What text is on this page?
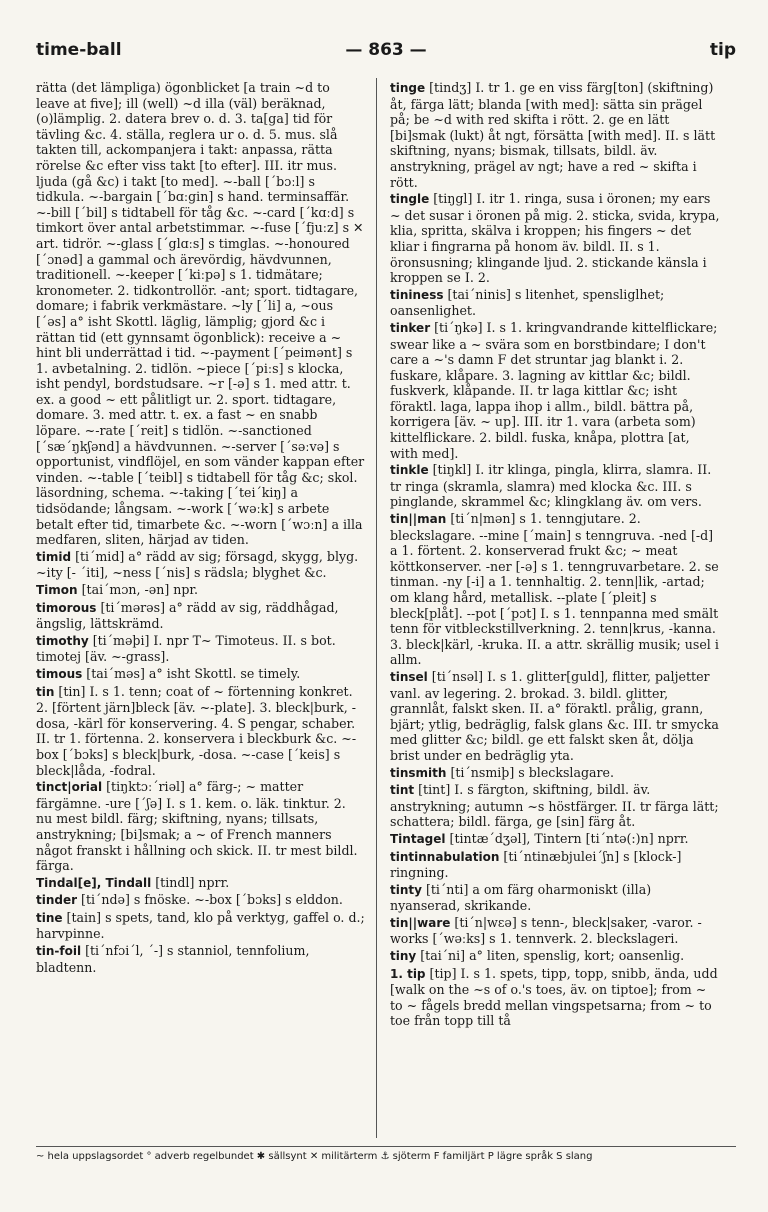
time-ball	— 863 —	tip

rätta (det lämpliga) ögonblicket [a train ~d to leave at five]; ill (well) ~d illa (väl) beräknad, (o)lämplig. 2. datera brev o. d. 3. ta[ga] tid för tävling &c. 4. ställa, reglera ur o. d. 5. mus. slå takten till, ackompanjera i takt: anpassa, rätta rörelse &c efter viss takt [to efter]. III. itr mus. ljuda (gå &c) i takt [to med]. ~-ball [ˊbɔːl] s tidkula. ~-bargain [ˊbɑːgin] s hand. terminsaffär. ~-bill [ˊbil] s tidtabell för tåg &c. ~-card [ˊkɑːd] s timkort över antal arbetstimmar. ~-fuse [ˊfjuːz] s ✕ art. tidrör. ~-glass [ˊglɑːs] s timglas. ~-honoured [ˊɔnəd] a gammal och ärevördig, hävdvunnen, traditionell. ~-keeper [ˊkiːpə] s 1. tidmätare; kronometer. 2. tidkontrollör. -ant; sport. tidtagare, domare; i fabrik verkmästare. ~ly [ˊli] a, ~ous [ˊəs] a° isht Skottl. läglig, lämplig; gjord &c i rättan tid (ett gynnsamt ögonblick): receive a ~ hint bli underrättad i tid. ~-payment [ˊpeimənt] s 1. avbetalning. 2. tidlön. ~piece [ˊpiːs] s klocka, isht pendyl, bordstudsare. ~r [-ə] s 1. med attr. t. ex. a good ~ ett pålitligt ur. 2. sport. tidtagare, domare. 3. med attr. t. ex. a fast ~ en snabb löpare. ~-rate [ˊreit] s tidlön. ~-sanctioned [ˊsæˊŋkʃənd] a hävdvunnen. ~-server [ˊsəːvə] s opportunist, vindflöjel, en som vänder kappan efter vinden. ~-table [ˊteibl] s tidtabell för tåg &c; skol. läsordning, schema. ~-taking [ˊteiˊkiŋ] a tidsödande; långsam. ~-work [ˊwəːk] s arbete betalt efter tid, timarbete &c. ~-worn [ˊwɔːn] a illa medfaren, sliten, härjad av tiden.

timid [tiˊmid] a° rädd av sig; försagd, skygg, blyg. ~ity [- ˊiti], ~ness [ˊnis] s rädsla; blyghet &c.

Timon [taiˊmɔn, -ən] npr.

timorous [tiˊmərəs] a° rädd av sig, räddhågad, ängslig, lättskrämd.

timothy [tiˊməþi] I. npr T~ Timoteus. II. s bot. timotej [äv. ~-grass].

timous [taiˊməs] a° isht Skottl. se timely.

tin [tin] I. s 1. tenn; coat of ~ förtenning konkret. 2. [förtent järn]bleck [äv. ~-plate]. 3. bleck|burk, -dosa, -kärl för konservering. 4. S pengar, schaber. II. tr 1. förtenna. 2. konservera i bleckburk &c. ~-box [ˊbɔks] s bleck|burk, -dosa. ~-case [ˊkeis] s bleck|låda, -fodral.

tinct|orial [tiŋktɔːˊriəl] a° färg-; ~ matter färgämne. -ure [ˊʃə] I. s 1. kem. o. läk. tinktur. 2. nu mest bildl. färg; skiftning, nyans; tillsats, anstrykning; [bi]smak; a ~ of French manners något franskt i hållning och skick. II. tr mest bildl. färga.

Tindal[e], Tindall [tindl] nprr.

tinder [tiˊndə] s fnöske. ~-box [ˊbɔks] s elddon.

tine [tain] s spets, tand, klo på verktyg, gaffel o. d.; harvpinne.

tin-foil [tiˊnfɔiˊl, ˊ-] s stanniol, tennfolium, bladtenn.

tinge [tindʒ] I. tr 1. ge en viss färg[ton] (skiftning) åt, färga lätt; blanda [with med]: sätta sin prägel på; be ~d with red skifta i rött. 2. ge en lätt [bi]smak (lukt) åt ngt, försätta [with med]. II. s lätt skiftning, nyans; bismak, tillsats, bildl. äv. anstrykning, prägel av ngt; have a red ~ skifta i rött.

tingle [tiŋgl] I. itr 1. ringa, susa i öronen; my ears ~ det susar i öronen på mig. 2. sticka, svida, krypa, klia, spritta, skälva i kroppen; his fingers ~ det kliar i fingrarna på honom äv. bildl. II. s 1. öronsusning; klingande ljud. 2. stickande känsla i kroppen se I. 2.

tininess [taiˊninis] s litenhet, spensliglhet; oansenlighet.

tinker [tiˊŋkə] I. s 1. kringvandrande kittelflickare; swear like a ~ svära som en borstbindare; I don't care a ~'s damn F det struntar jag blankt i. 2. fuskare, klåpare. 3. lagning av kittlar &c; bildl. fuskverk, klåpande. II. tr laga kittlar &c; isht föraktl. laga, lappa ihop i allm., bildl. bättra på, korrigera [äv. ~ up]. III. itr 1. vara (arbeta som) kittelflickare. 2. bildl. fuska, knåpa, plottra [at, with med].

tinkle [tiŋkl] I. itr klinga, pingla, klirra, slamra. II. tr ringa (skramla, slamra) med klocka &c. III. s pinglande, skrammel &c; klingklang äv. om vers.

tin||man [tiˊn|mən] s 1. tenngjutare. 2. bleckslagare. --mine [ˊmain] s tenngruva. -ned [-d] a 1. förtent. 2. konserverad frukt &c; ~ meat köttkonserver. -ner [-ə] s 1. tenngruvarbetare. 2. se tinman. -ny [-i] a 1. tennhaltig. 2. tenn|lik, -artad; om klang hård, metallisk. --plate [ˊpleit] s bleck[plåt]. --pot [ˊpɔt] I. s 1. tennpanna med smält tenn för vitbleckstillverkning. 2. tenn|krus, -kanna. 3. bleck|kärl, -kruka. II. a attr. skrällig musik; usel i allm.

tinsel [tiˊnsəl] I. s 1. glitter[guld], flitter, paljetter vanl. av legering. 2. brokad. 3. bildl. glitter, grannlåt, falskt sken. II. a° föraktl. prålig, grann, bjärt; ytlig, bedräglig, falsk glans &c. III. tr smycka med glitter &c; bildl. ge ett falskt sken åt, dölja brist under en bedräglig yta.

tinsmith [tiˊnsmiþ] s bleckslagare.

tint [tint] I. s färgton, skiftning, bildl. äv. anstrykning; autumn ~s höstfärger. II. tr färga lätt; schattera; bildl. färga, ge [sin] färg åt.

Tintagel [tintæˊdʒəl], Tintern [tiˊntə(:)n] nprr.

tintinnabulation [tiˊntinæbjuleiˊʃn] s [klock-] ringning.

tinty [tiˊnti] a om färg oharmoniskt (illa) nyanserad, skrikande.

tin||ware [tiˊn|wɛə] s tenn-, bleck|saker, -varor. -works [ˊwəːks] s 1. tennverk. 2. bleckslageri.

tiny [taiˊni] a° liten, spenslig, kort; oansenlig.

1. tip [tip] I. s 1. spets, tipp, topp, snibb, ända, udd [walk on the ~s of o.'s toes, äv. on tiptoe]; from ~ to ~ fågels bredd mellan vingspetsarna; from ~ to toe från topp till tå

~ hela uppslagsordet ° adverb regelbundet ✱ sällsynt ✕ militärterm ⚓ sjöterm F familjärt P lägre språk S slang
